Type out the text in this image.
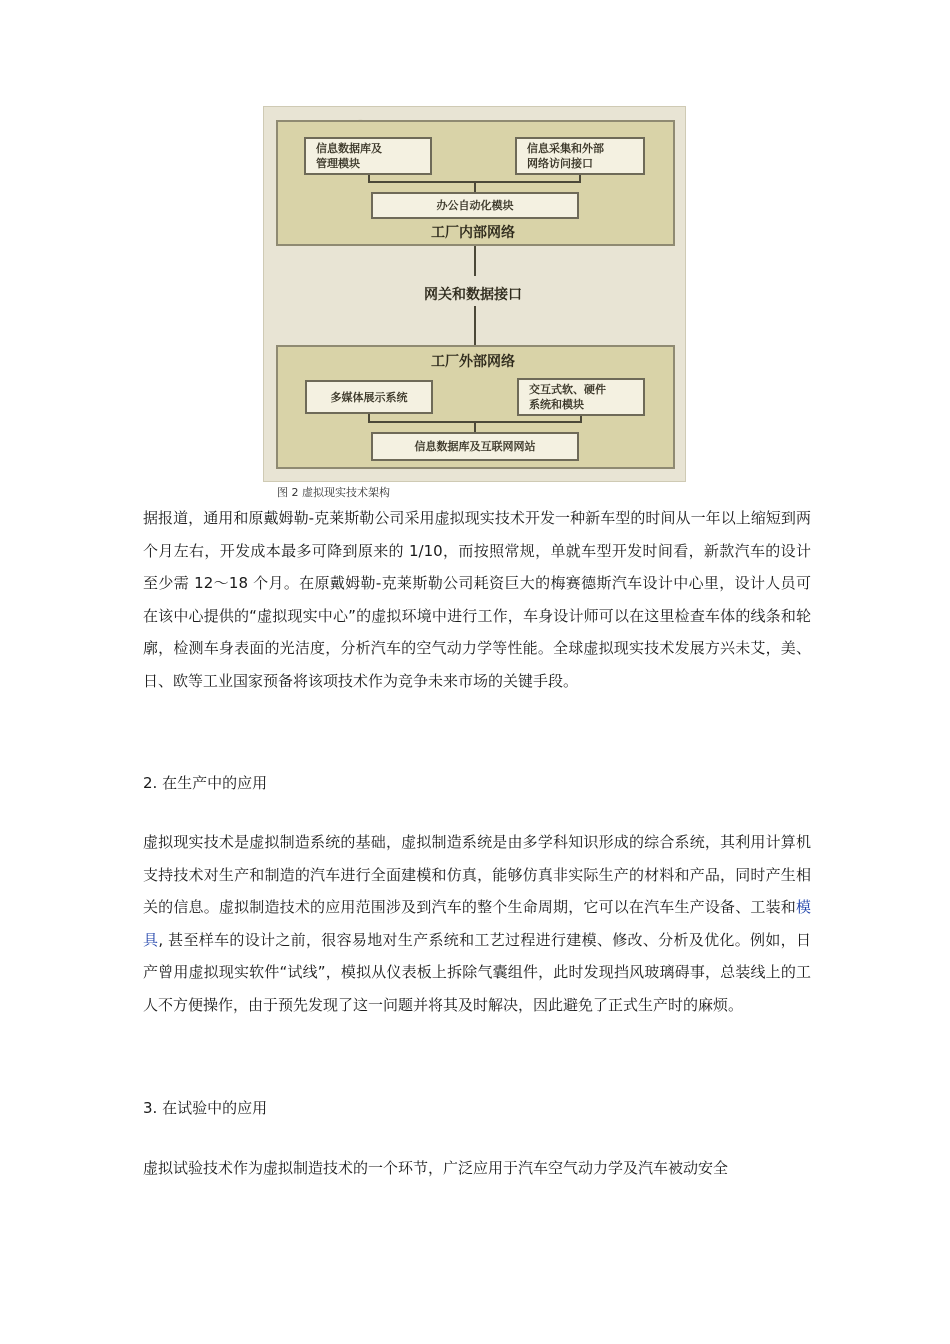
信息数据库及
管理模块
信息采集和外部
网络访问接口
办公自动化模块
工厂内部网络
网关和数据接口
工厂外部网络
多媒体展示系统
交互式软、硬件
系统和模块
信息数据库及互联网网站
图 2 虚拟现实技术架构

据报道，通用和原戴姆勒-克莱斯勒公司采用虚拟现实技术开发一种新车型的时间从一年以上缩短到两个月左右，开发成本最多可降到原来的 1/10，而按照常规，单就车型开发时间看，新款汽车的设计至少需 12～18 个月。在原戴姆勒-克莱斯勒公司耗资巨大的梅赛德斯汽车设计中心里，设计人员可在该中心提供的“虚拟现实中心”的虚拟环境中进行工作，车身设计师可以在这里检查车体的线条和轮廓，检测车身表面的光洁度，分析汽车的空气动力学等性能。全球虚拟现实技术发展方兴未艾，美、日、欧等工业国家预备将该项技术作为竞争未来市场的关键手段。

2. 在生产中的应用

虚拟现实技术是虚拟制造系统的基础，虚拟制造系统是由多学科知识形成的综合系统，其利用计算机支持技术对生产和制造的汽车进行全面建模和仿真，能够仿真非实际生产的材料和产品，同时产生相关的信息。虚拟制造技术的应用范围涉及到汽车的整个生命周期，它可以在汽车生产设备、工装和模具, 甚至样车的设计之前，很容易地对生产系统和工艺过程进行建模、修改、分析及优化。例如，日产曾用虚拟现实软件“试线”，模拟从仪表板上拆除气囊组件，此时发现挡风玻璃碍事，总装线上的工人不方便操作，由于预先发现了这一问题并将其及时解决，因此避免了正式生产时的麻烦。

3. 在试验中的应用

虚拟试验技术作为虚拟制造技术的一个环节，广泛应用于汽车空气动力学及汽车被动安全
